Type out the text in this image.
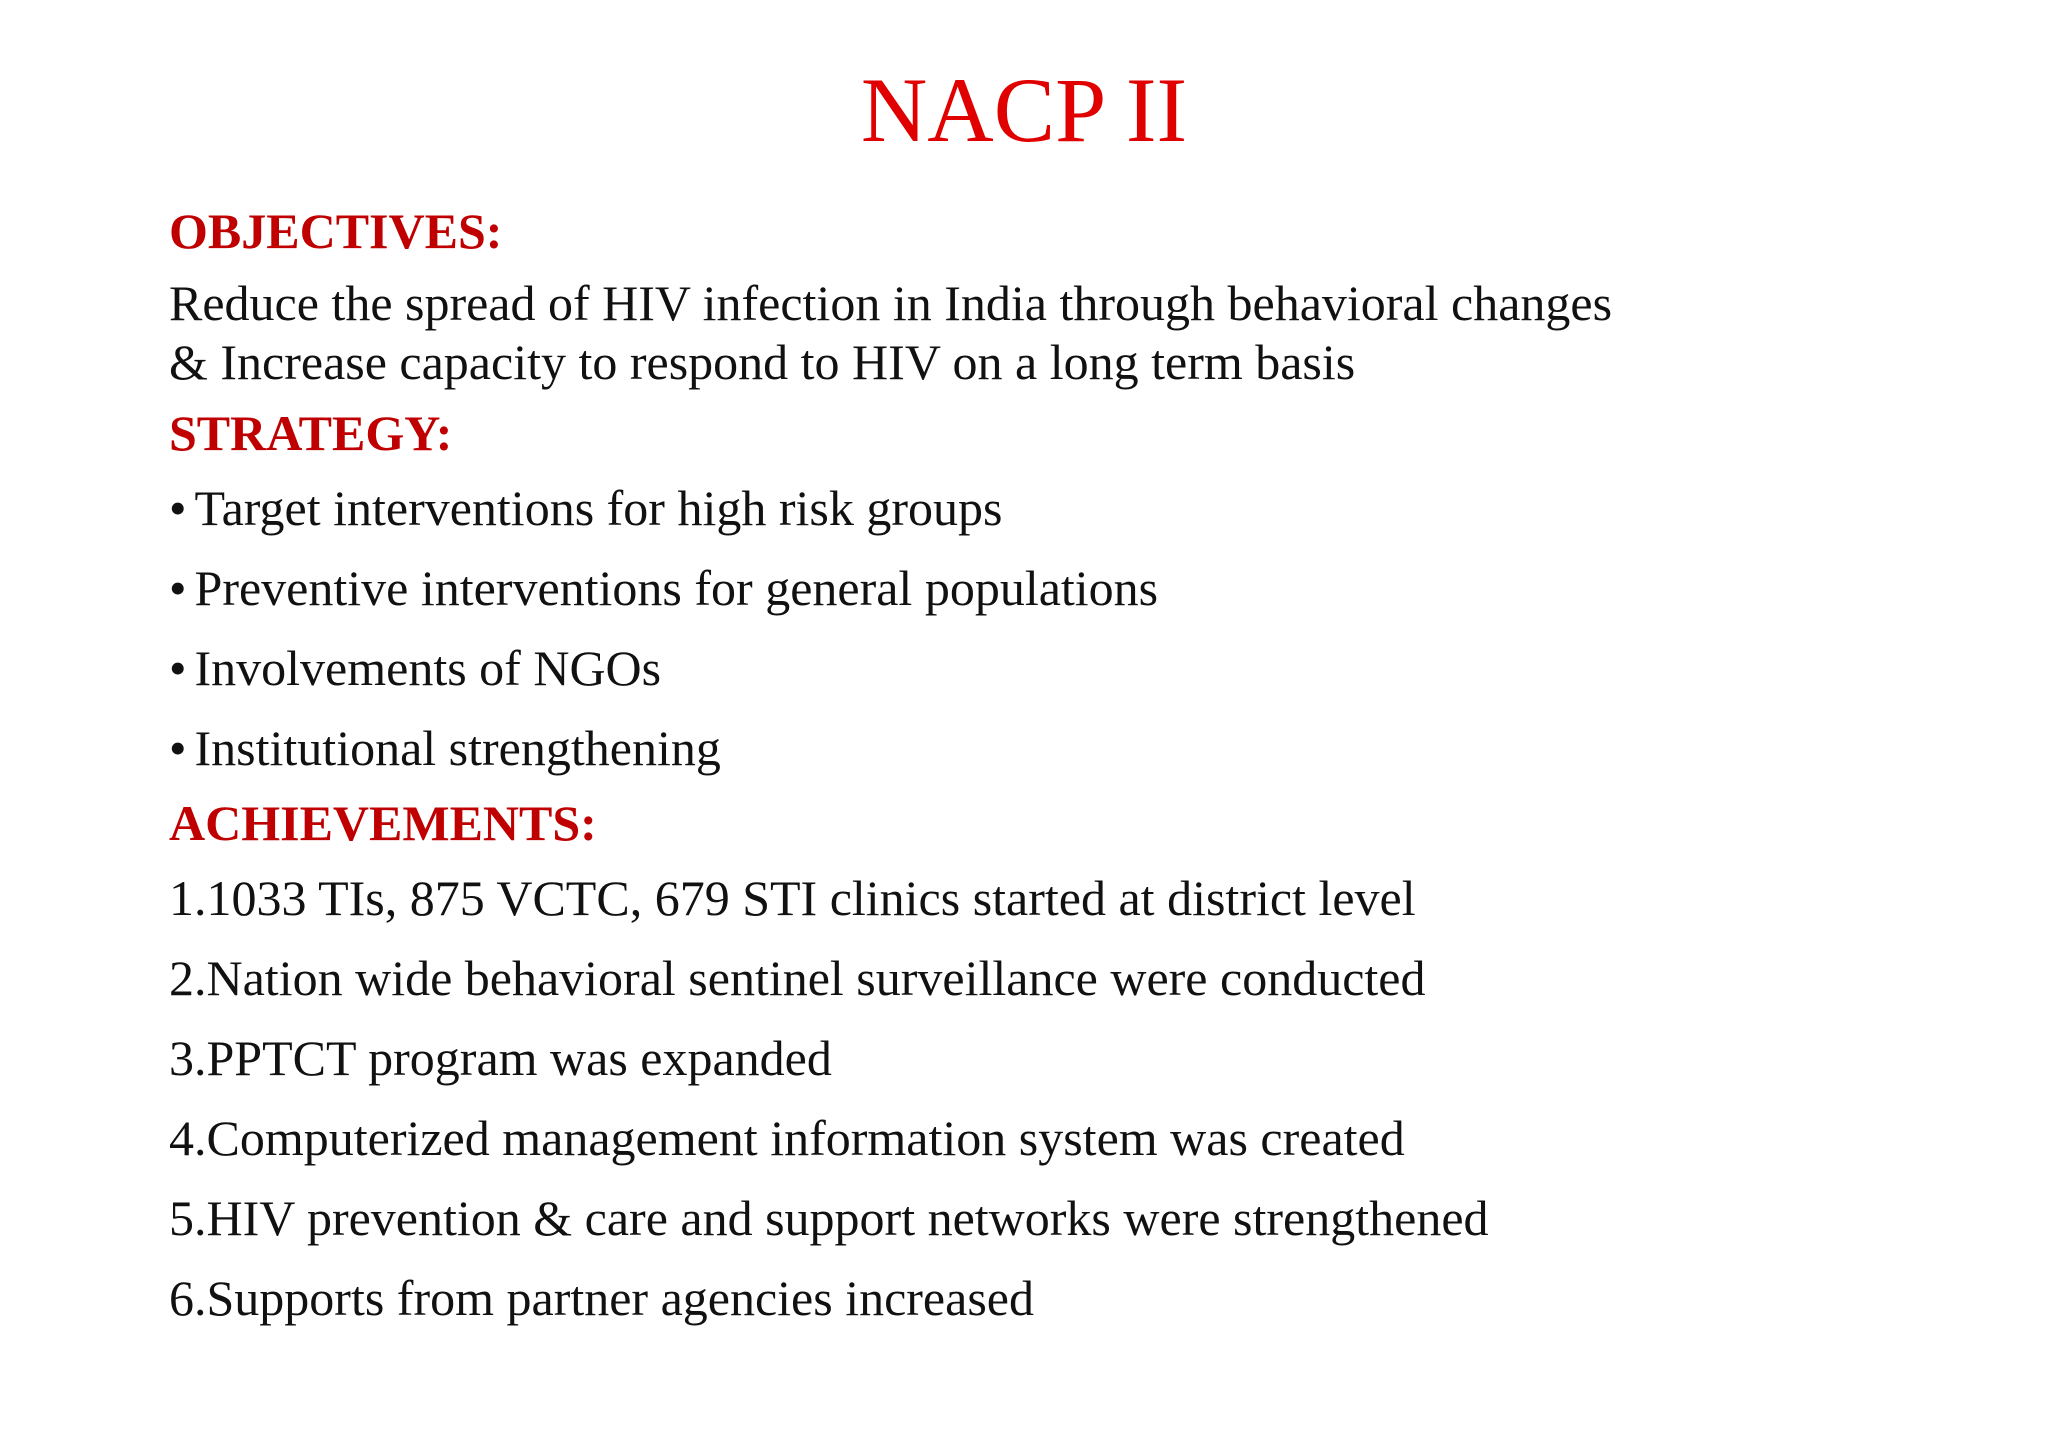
NACP II
OBJECTIVES:

Reduce the spread of HIV infection in India through behavioral changes
& Increase capacity to respond to HIV on a long term basis

STRATEGY:
• Target interventions for high risk groups
• Preventive interventions for general populations
• Involvements of NGOs
• Institutional strengthening
ACHIEVEMENTS:
1.1033 TIs, 875 VCTC, 679 STI clinics started at district level
2.Nation wide behavioral sentinel surveillance were conducted
3.PPTCT program was expanded
4.Computerized management information system was created
5.HIV prevention & care and support networks were strengthened
6.Supports from partner agencies increased
